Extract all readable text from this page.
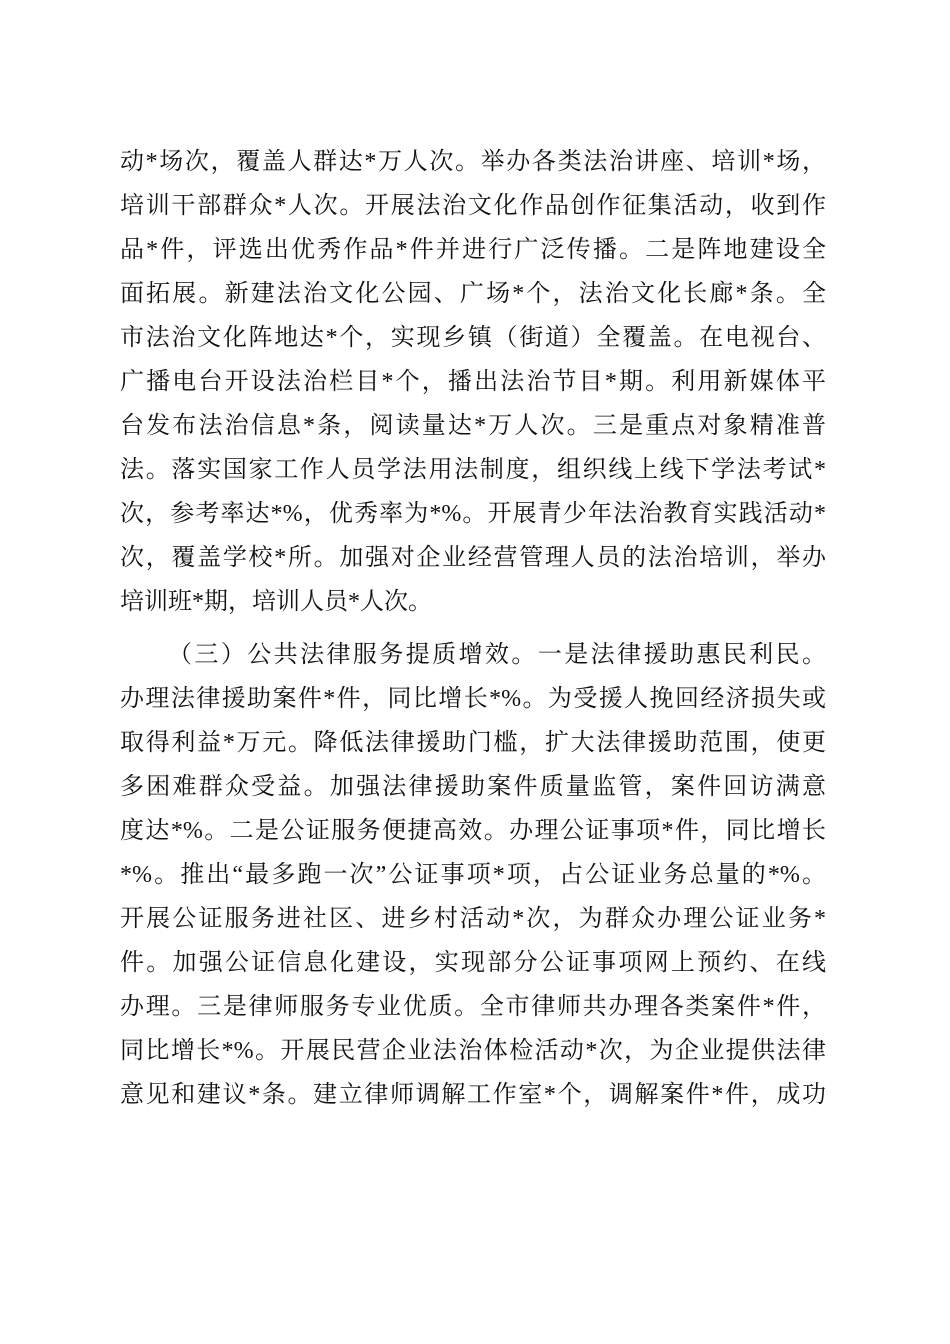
动*场次，覆盖人群达*万人次。举办各类法治讲座、培训*场，
培训干部群众*人次。开展法治文化作品创作征集活动，收到作
品*件，评选出优秀作品*件并进行广泛传播。二是阵地建设全
面拓展。新建法治文化公园、广场*个，法治文化长廊*条。全
市法治文化阵地达*个，实现乡镇（街道）全覆盖。在电视台、
广播电台开设法治栏目*个，播出法治节目*期。利用新媒体平
台发布法治信息*条，阅读量达*万人次。三是重点对象精准普
法。落实国家工作人员学法用法制度，组织线上线下学法考试*
次，参考率达*%，优秀率为*%。开展青少年法治教育实践活动*
次，覆盖学校*所。加强对企业经营管理人员的法治培训，举办
培训班*期，培训人员*人次。
（三）公共法律服务提质增效。一是法律援助惠民利民。
办理法律援助案件*件，同比增长*%。为受援人挽回经济损失或
取得利益*万元。降低法律援助门槛，扩大法律援助范围，使更
多困难群众受益。加强法律援助案件质量监管，案件回访满意
度达*%。二是公证服务便捷高效。办理公证事项*件，同比增长
*%。推出“最多跑一次”公证事项*项，占公证业务总量的*%。
开展公证服务进社区、进乡村活动*次，为群众办理公证业务*
件。加强公证信息化建设，实现部分公证事项网上预约、在线
办理。三是律师服务专业优质。全市律师共办理各类案件*件，
同比增长*%。开展民营企业法治体检活动*次，为企业提供法律
意见和建议*条。建立律师调解工作室*个，调解案件*件，成功
